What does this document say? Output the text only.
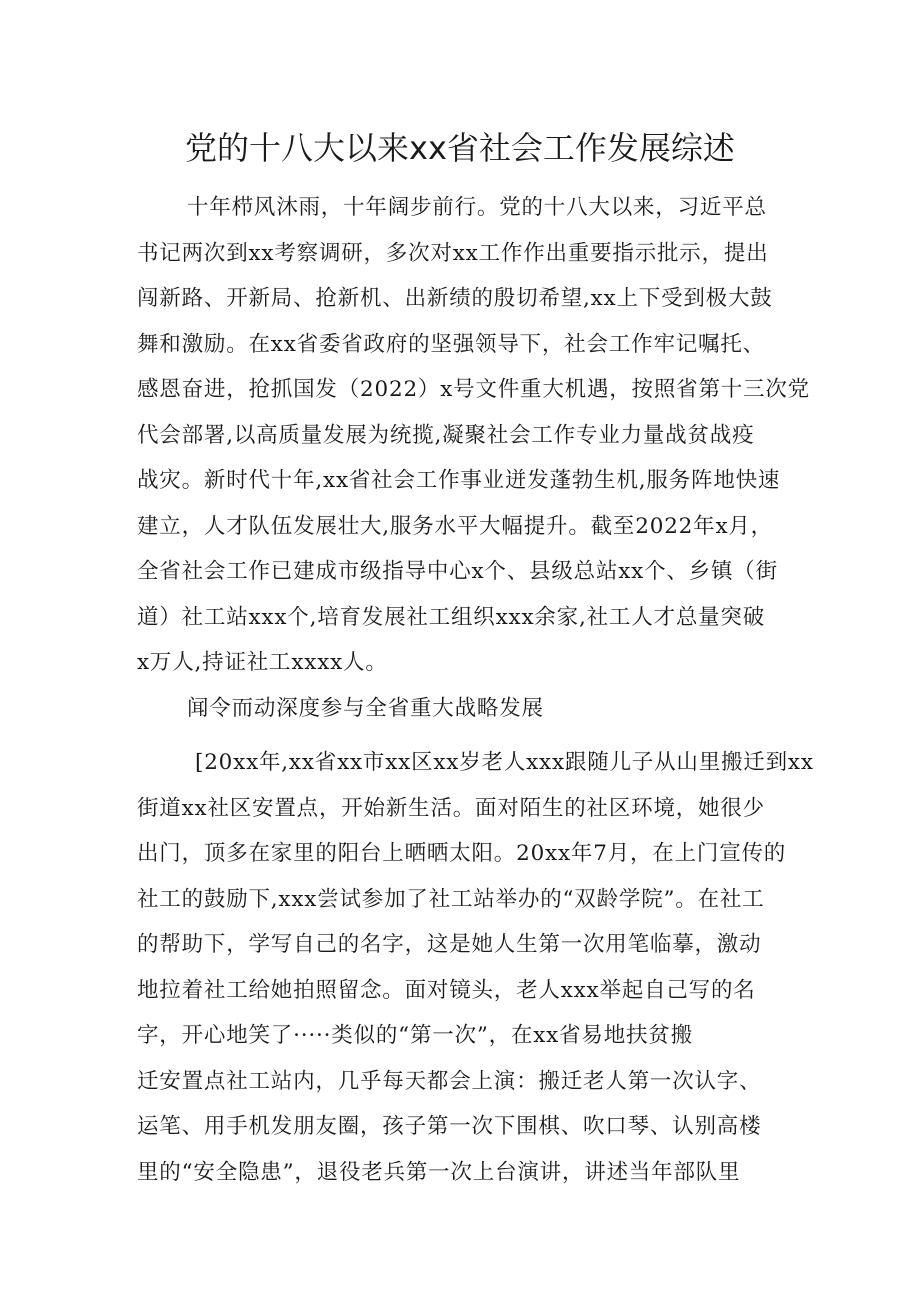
党的十八大以来xx省社会工作发展综述
十年栉风沐雨，十年阔步前行。党的十八大以来，习近平总
书记两次到xx考察调研，多次对xx工作作出重要指示批示，提出
闯新路、开新局、抢新机、出新绩的殷切希望,xx上下受到极大鼓
舞和激励。在xx省委省政府的坚强领导下，社会工作牢记嘱托、
感恩奋进，抢抓国发（2022）x号文件重大机遇，按照省第十三次党
代会部署,以高质量发展为统揽,凝聚社会工作专业力量战贫战疫
战灾。新时代十年,xx省社会工作事业迸发蓬勃生机,服务阵地快速
建立，人才队伍发展壮大,服务水平大幅提升。截至2022年x月，
全省社会工作已建成市级指导中心x个、县级总站xx个、乡镇（街
道）社工站xxx个,培育发展社工组织xxx余家,社工人才总量突破
x万人,持证社工xxxx人。
闻令而动深度参与全省重大战略发展
[20xx年,xx省xx市xx区xx岁老人xxx跟随儿子从山里搬迁到xx
街道xx社区安置点，开始新生活。面对陌生的社区环境，她很少
出门，顶多在家里的阳台上晒晒太阳。20xx年7月，在上门宣传的
社工的鼓励下,xxx尝试参加了社工站举办的“双龄学院”。在社工
的帮助下，学写自己的名字，这是她人生第一次用笔临摹，激动
地拉着社工给她拍照留念。面对镜头，老人xxx举起自己写的名
字，开心地笑了·····类似的“第一次”，在xx省易地扶贫搬
迁安置点社工站内，几乎每天都会上演：搬迁老人第一次认字、
运笔、用手机发朋友圈，孩子第一次下围棋、吹口琴、认别高楼
里的“安全隐患”，退役老兵第一次上台演讲，讲述当年部队里
